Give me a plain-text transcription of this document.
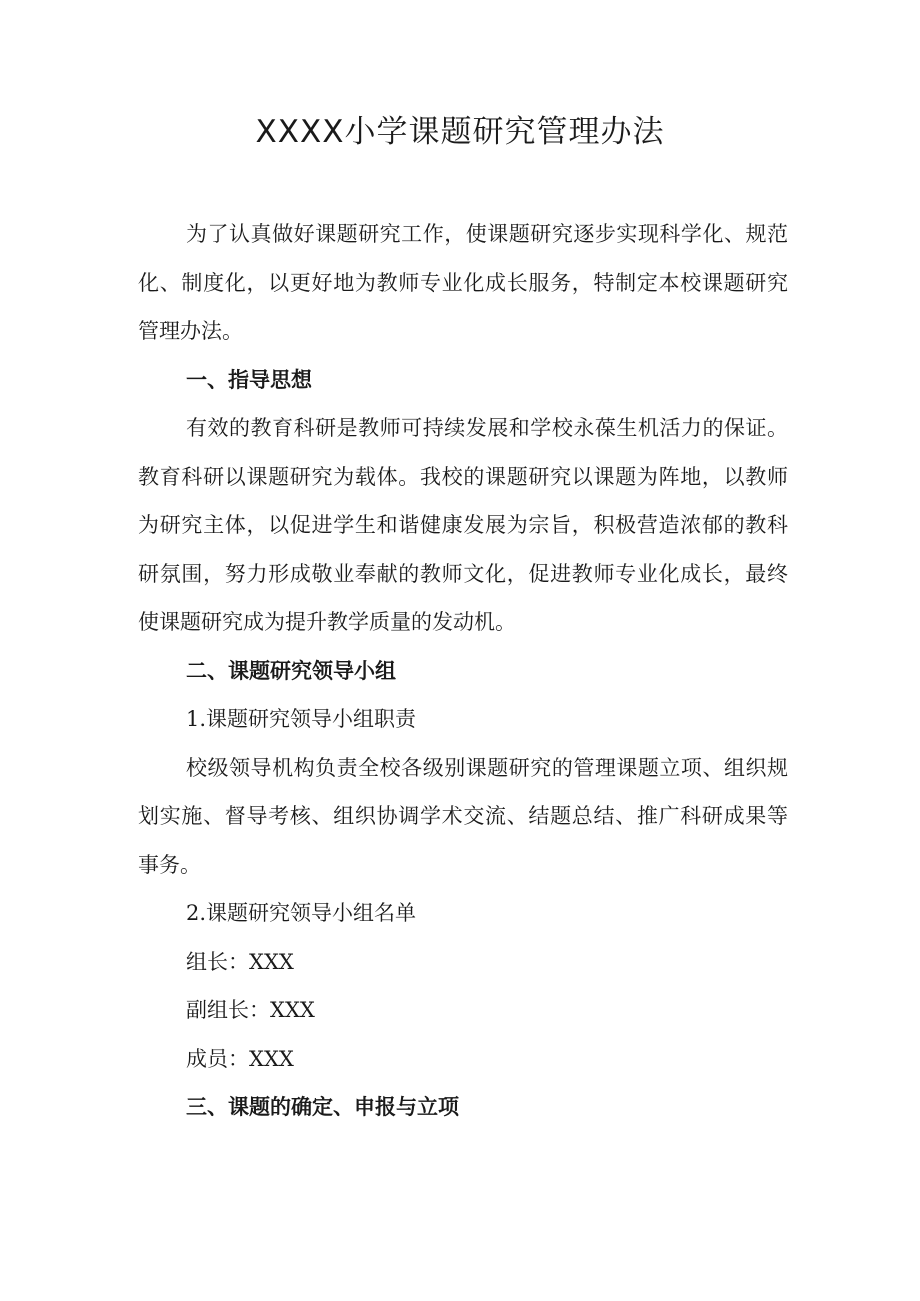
XXXX小学课题研究管理办法

为了认真做好课题研究工作，使课题研究逐步实现科学化、规范化、制度化，以更好地为教师专业化成长服务，特制定本校课题研究管理办法。

一、指导思想

有效的教育科研是教师可持续发展和学校永葆生机活力的保证。教育科研以课题研究为载体。我校的课题研究以课题为阵地，以教师为研究主体，以促进学生和谐健康发展为宗旨，积极营造浓郁的教科研氛围，努力形成敬业奉献的教师文化，促进教师专业化成长，最终使课题研究成为提升教学质量的发动机。

二、课题研究领导小组

1.课题研究领导小组职责

校级领导机构负责全校各级别课题研究的管理课题立项、组织规划实施、督导考核、组织协调学术交流、结题总结、推广科研成果等事务。

2.课题研究领导小组名单

组长：XXX

副组长：XXX

成员：XXX

三、课题的确定、申报与立项
